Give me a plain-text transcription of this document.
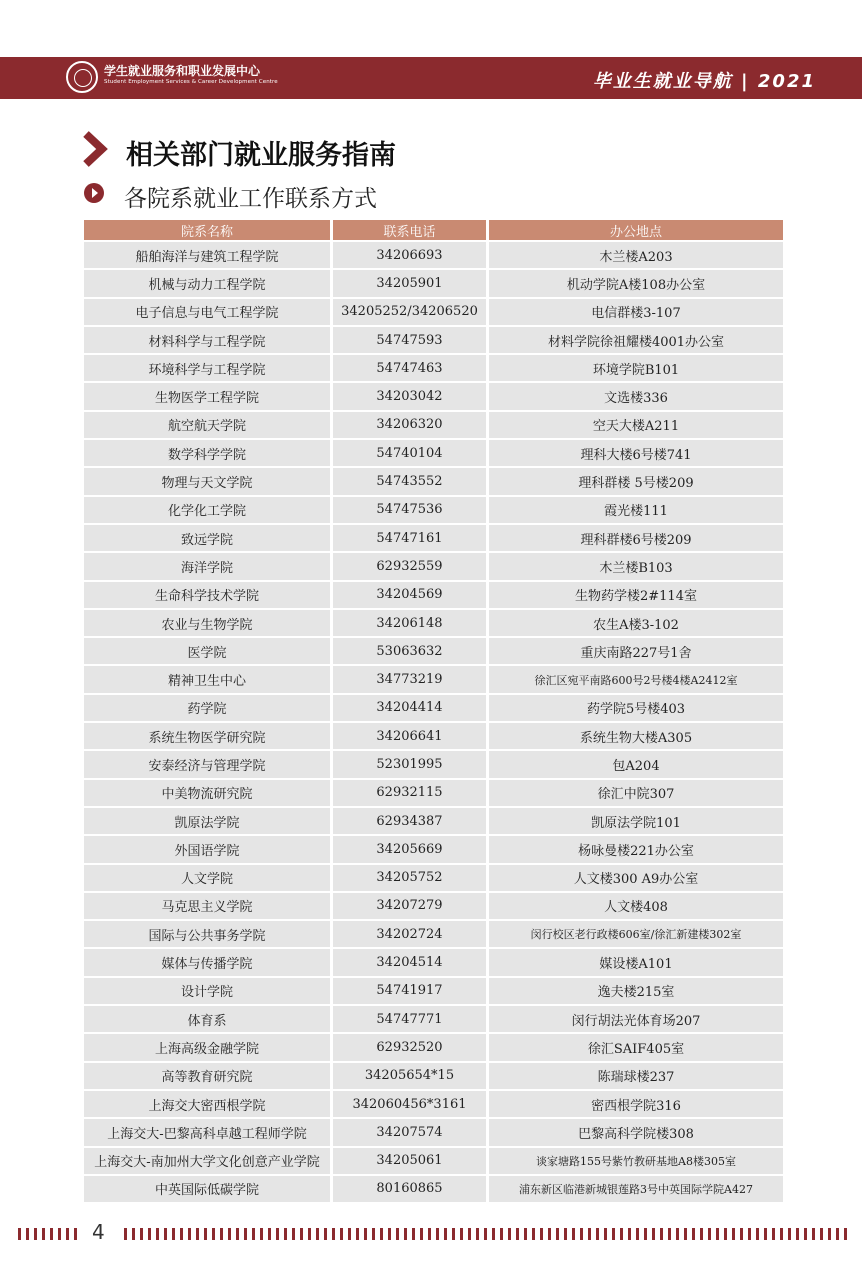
学生就业服务和职业发展中心
Student Employment Services & Career Development Centre	毕业生就业导航 | 2021
相关部门就业服务指南
各院系就业工作联系方式
院系名称	联系电话	办公地点
船舶海洋与建筑工程学院	34206693	木兰楼A203
机械与动力工程学院	34205901	机动学院A楼108办公室
电子信息与电气工程学院	34205252/34206520	电信群楼3-107
材料科学与工程学院	54747593	材料学院徐祖耀楼4001办公室
环境科学与工程学院	54747463	环境学院B101
生物医学工程学院	34203042	文选楼336
航空航天学院	34206320	空天大楼A211
数学科学学院	54740104	理科大楼6号楼741
物理与天文学院	54743552	理科群楼 5号楼209
化学化工学院	54747536	霞光楼111
致远学院	54747161	理科群楼6号楼209
海洋学院	62932559	木兰楼B103
生命科学技术学院	34204569	生物药学楼2#114室
农业与生物学院	34206148	农生A楼3-102
医学院	53063632	重庆南路227号1舍
精神卫生中心	34773219	徐汇区宛平南路600号2号楼4楼A2412室
药学院	34204414	药学院5号楼403
系统生物医学研究院	34206641	系统生物大楼A305
安泰经济与管理学院	52301995	包A204
中美物流研究院	62932115	徐汇中院307
凯原法学院	62934387	凯原法学院101
外国语学院	34205669	杨咏曼楼221办公室
人文学院	34205752	人文楼300 A9办公室
马克思主义学院	34207279	人文楼408
国际与公共事务学院	34202724	闵行校区老行政楼606室/徐汇新建楼302室
媒体与传播学院	34204514	媒设楼A101
设计学院	54741917	逸夫楼215室
体育系	54747771	闵行胡法光体育场207
上海高级金融学院	62932520	徐汇SAIF405室
高等教育研究院	34205654*15	陈瑞球楼237
上海交大密西根学院	342060456*3161	密西根学院316
上海交大-巴黎高科卓越工程师学院	34207574	巴黎高科学院楼308
上海交大-南加州大学文化创意产业学院	34205061	谈家塘路155号紫竹教研基地A8楼305室
中英国际低碳学院	80160865	浦东新区临港新城银莲路3号中英国际学院A427
4
